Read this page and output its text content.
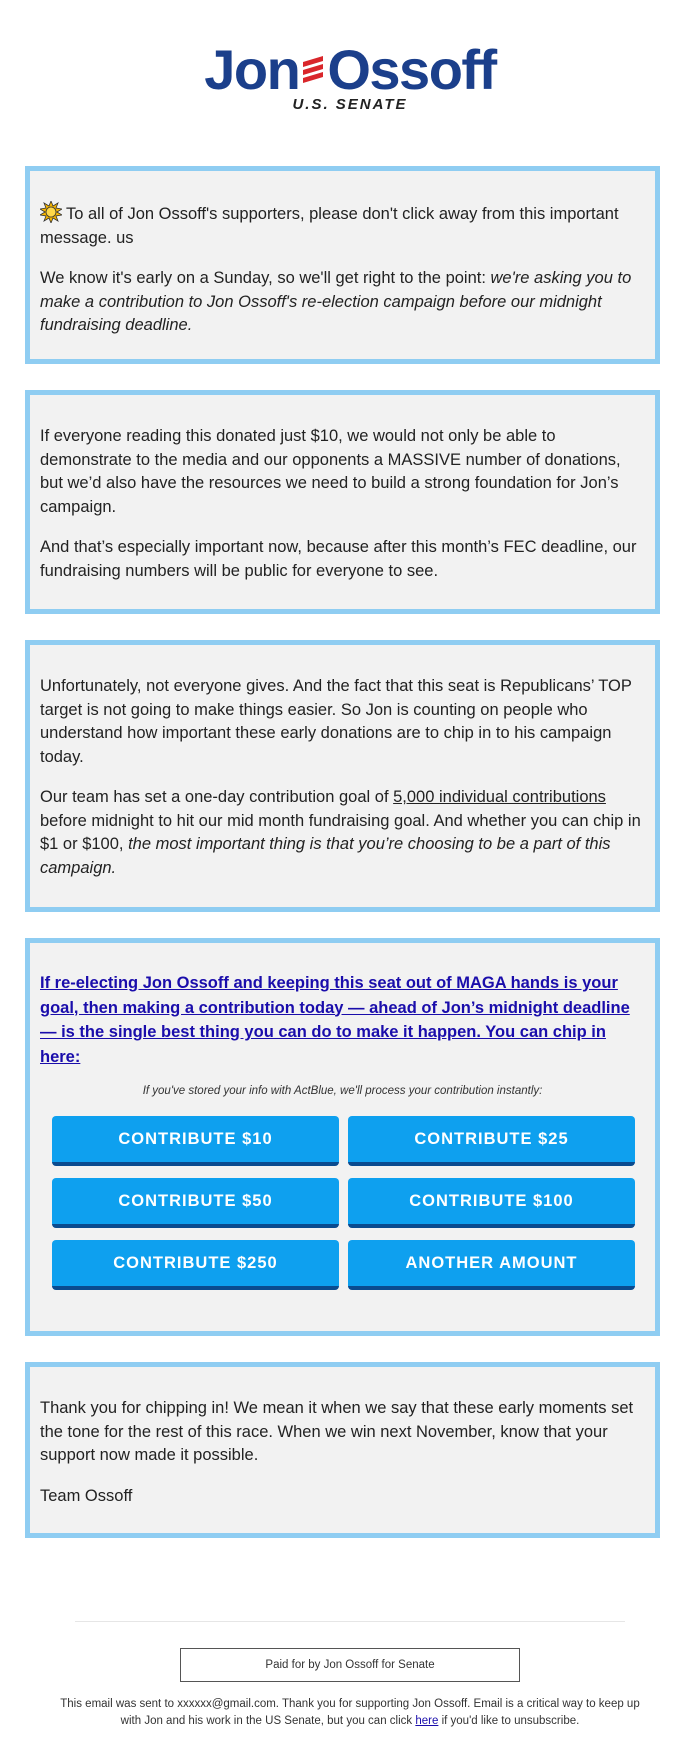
Jon Ossoff
U.S. SENATE

To all of Jon Ossoff's supporters, please don't click away from this important message. us

We know it's early on a Sunday, so we'll get right to the point: we're asking you to make a contribution to Jon Ossoff's re-election campaign before our midnight fundraising deadline.

If everyone reading this donated just $10, we would not only be able to demonstrate to the media and our opponents a MASSIVE number of donations, but we’d also have the resources we need to build a strong foundation for Jon’s campaign.

And that’s especially important now, because after this month’s FEC deadline, our fundraising numbers will be public for everyone to see.

Unfortunately, not everyone gives. And the fact that this seat is Republicans’ TOP target is not going to make things easier. So Jon is counting on people who understand how important these early donations are to chip in to his campaign today.

Our team has set a one-day contribution goal of 5,000 individual contributions before midnight to hit our mid month fundraising goal. And whether you can chip in $1 or $100, the most important thing is that you’re choosing to be a part of this campaign.

If re-electing Jon Ossoff and keeping this seat out of MAGA hands is your goal, then making a contribution today — ahead of Jon’s midnight deadline — is the single best thing you can do to make it happen. You can chip in here:
If you've stored your info with ActBlue, we'll process your contribution instantly:
CONTRIBUTE $10	CONTRIBUTE $25
CONTRIBUTE $50	CONTRIBUTE $100
CONTRIBUTE $250	ANOTHER AMOUNT

Thank you for chipping in! We mean it when we say that these early moments set the tone for the rest of this race. When we win next November, know that your support now made it possible.

Team Ossoff

Paid for by Jon Ossoff for Senate
This email was sent to xxxxxx@gmail.com. Thank you for supporting Jon Ossoff. Email is a critical way to keep up with Jon and his work in the US Senate, but you can click here if you'd like to unsubscribe.
